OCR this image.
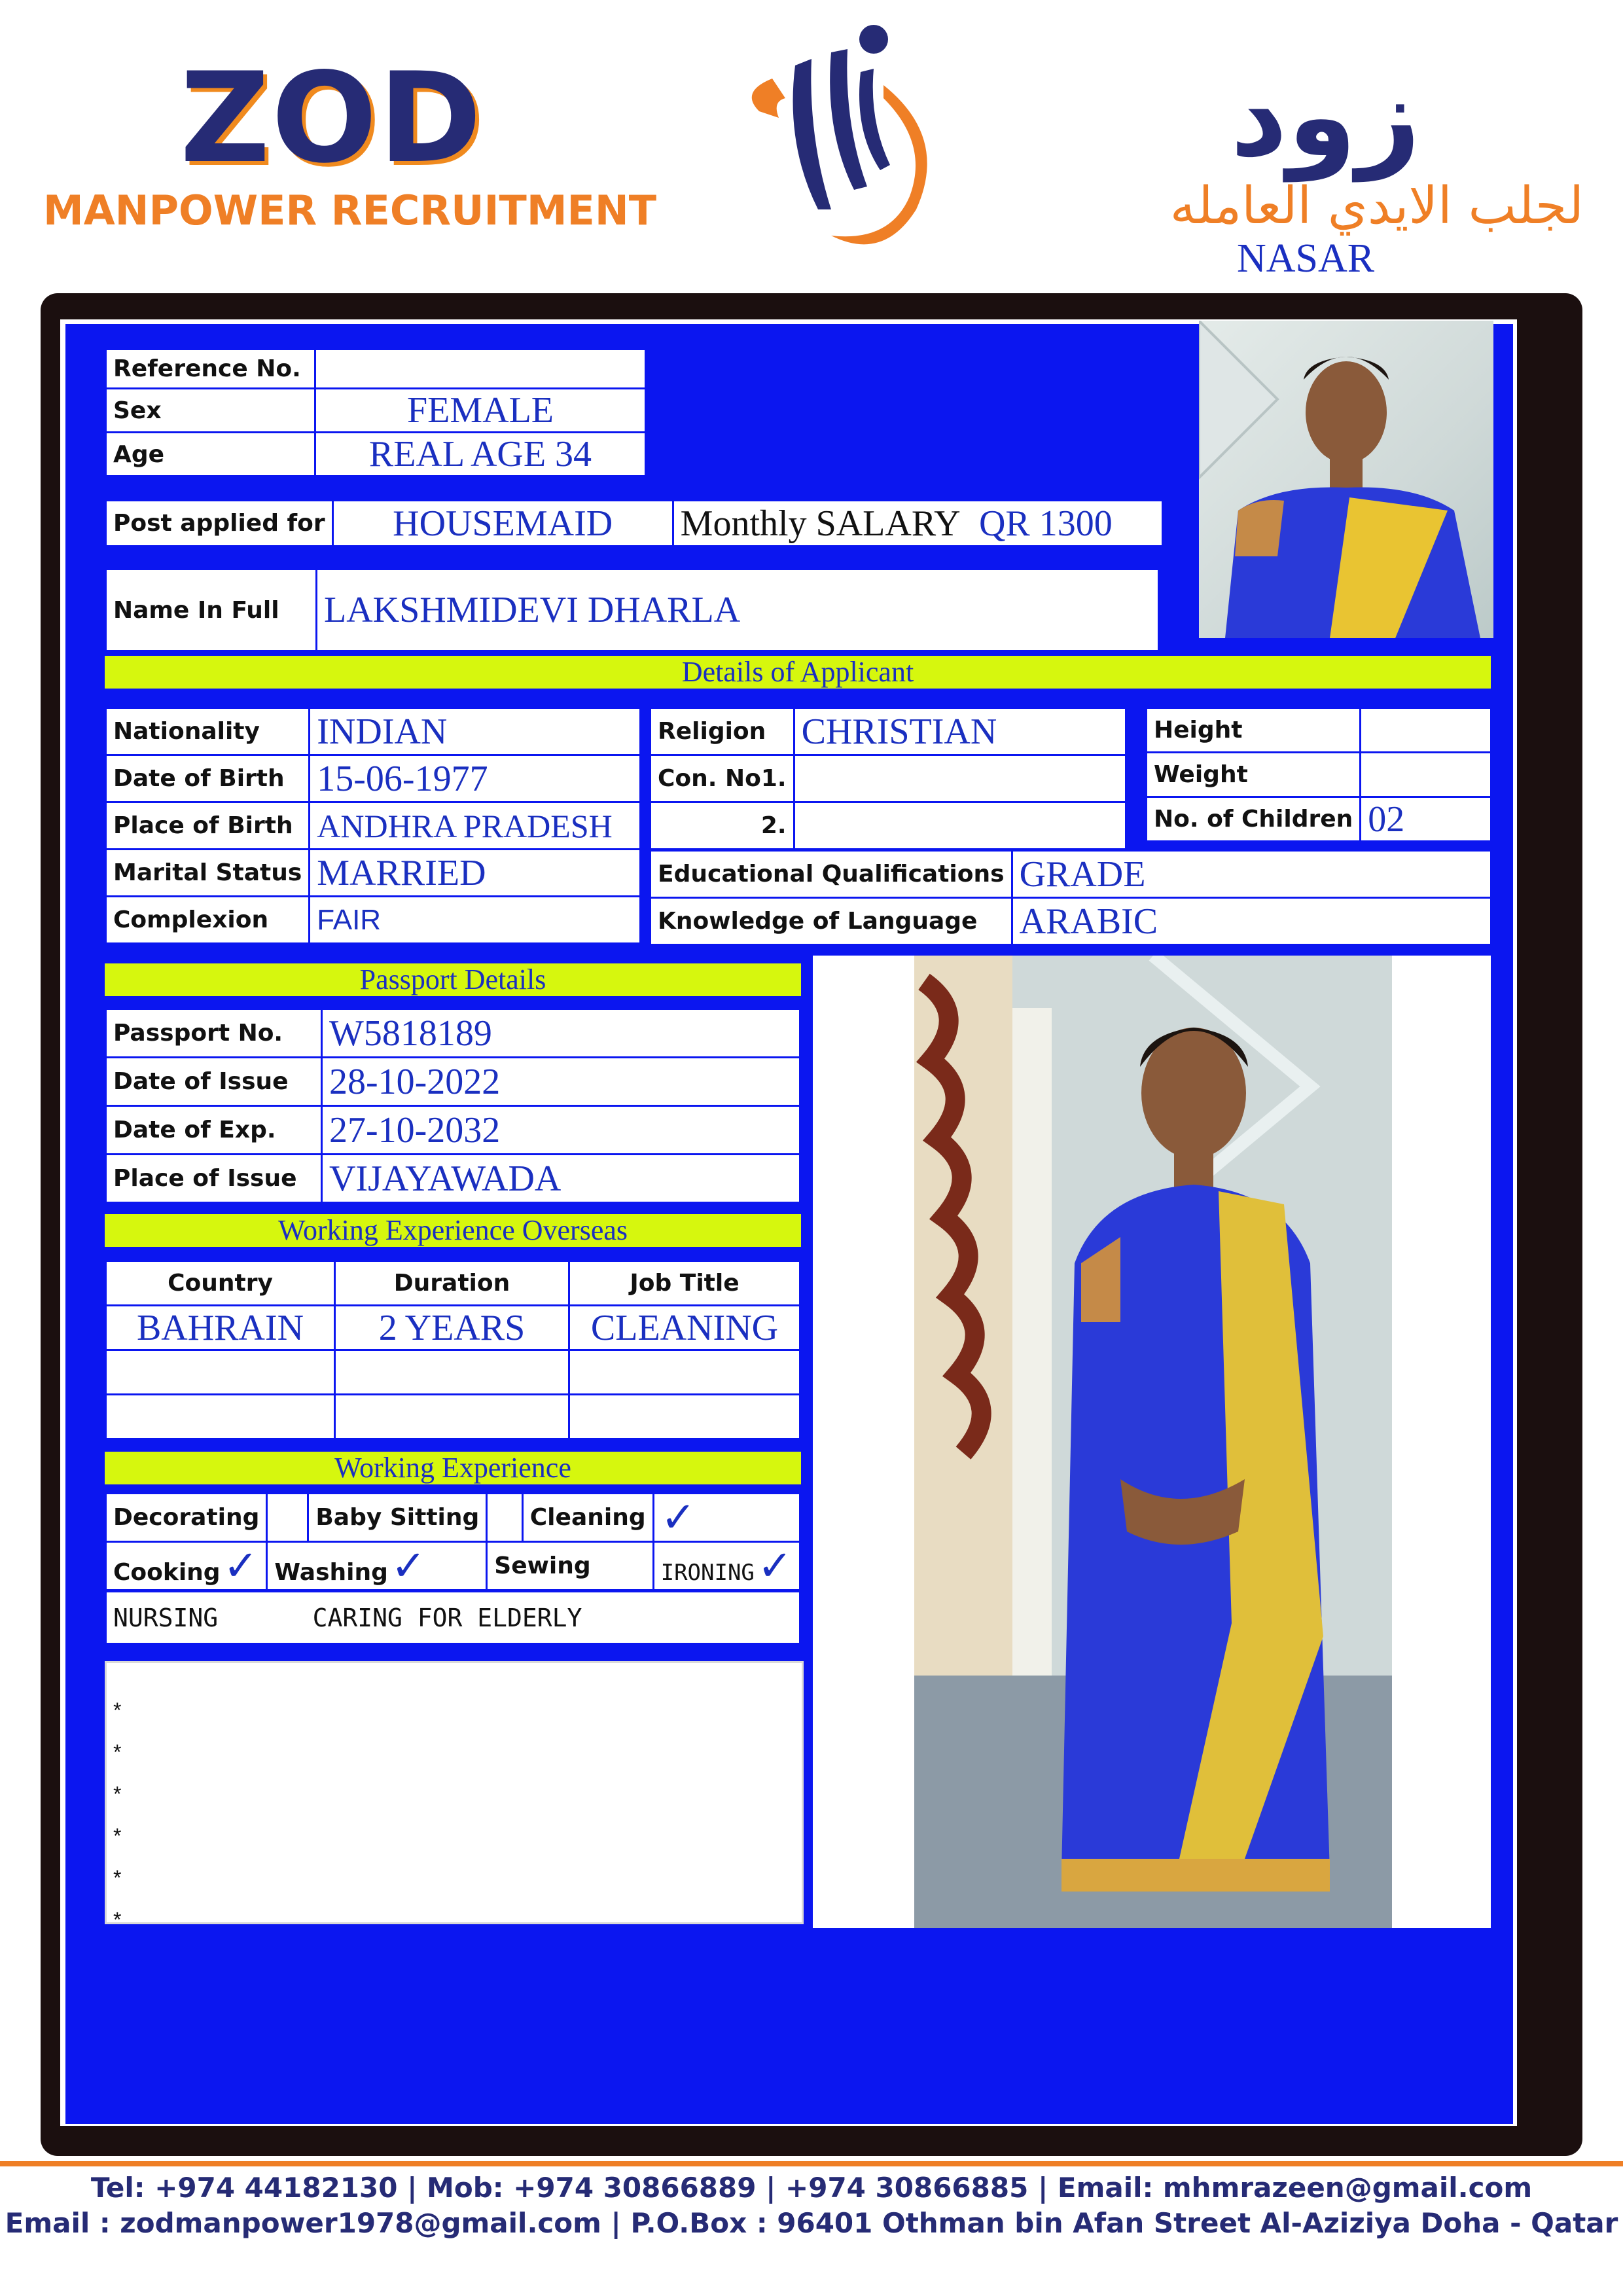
ZOD
MANPOWER RECRUITMENT
زود
لجلب الايدي العامله
NASAR
Reference No.	
Sex	FEMALE
Age	REAL AGE 34
Post applied for	HOUSEMAID	Monthly SALARY QR 1300
Name In Full	LAKSHMIDEVI DHARLA
Details of Applicant
Nationality	INDIAN
Date of Birth	15-06-1977
Place of Birth	ANDHRA PRADESH
Marital Status	MARRIED
Complexion	FAIR
Religion	CHRISTIAN
Con. No1.	
2.	
Height	
Weight	
No. of Children	02
Educational Qualifications	GRADE
Knowledge of Language	ARABIC
Passport Details
Passport No.	W5818189
Date of Issue	28-10-2022
Date of Exp.	27-10-2032
Place of Issue	VIJAYAWADA
Working Experience Overseas
Country	Duration	Job Title
BAHRAIN	2 YEARS	CLEANING

Working Experience
Decorating		Baby Sitting		Cleaning	✓
Cooking ✓	Washing ✓		Sewing		IRONING ✓
NURSING	CARING FOR ELDERLY
*
*
*
*
*
*
Tel: +974 44182130 | Mob: +974 30866889 | +974 30866885 | Email: mhmrazeen@gmail.com
Email : zodmanpower1978@gmail.com | P.O.Box : 96401 Othman bin Afan Street Al-Aziziya Doha - Qatar
